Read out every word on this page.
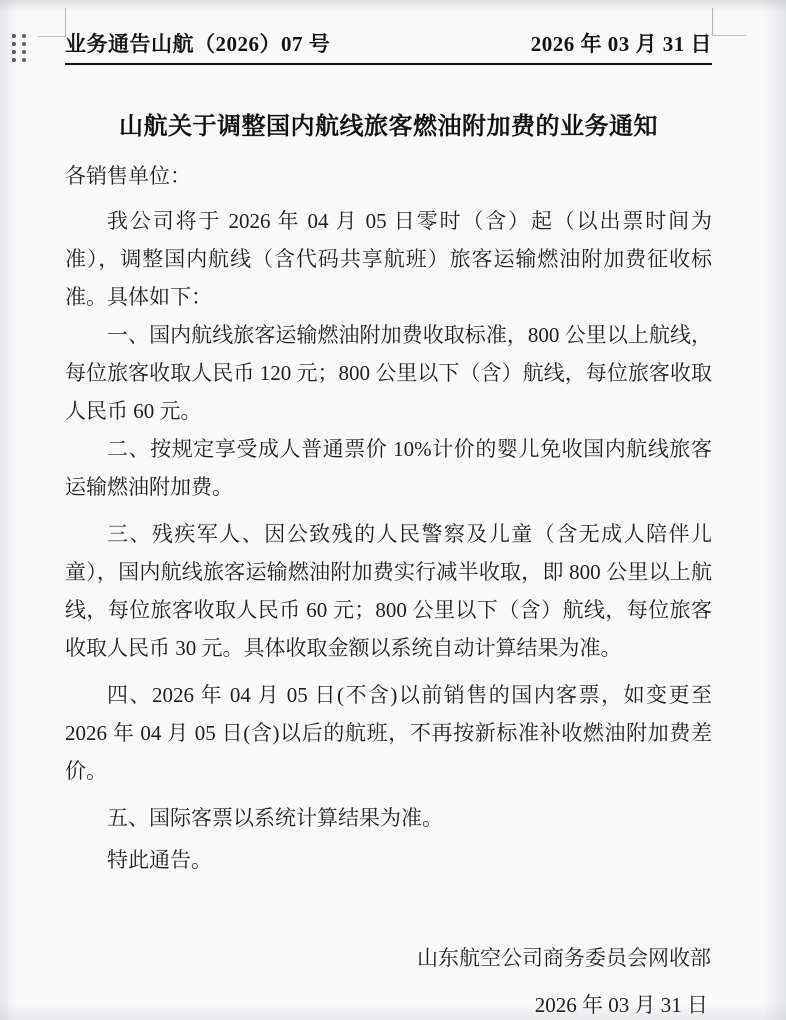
业务通告山航（2026）07 号	2026 年 03 月 31 日
山航关于调整国内航线旅客燃油附加费的业务通知
各销售单位：

我公司将于 2026 年 04 月 05 日零时（含）起（以出票时间为准），调整国内航线（含代码共享航班）旅客运输燃油附加费征收标准。具体如下：

一、国内航线旅客运输燃油附加费收取标准，800 公里以上航线，每位旅客收取人民币 120 元；800 公里以下（含）航线，每位旅客收取人民币 60 元。

二、按规定享受成人普通票价 10%计价的婴儿免收国内航线旅客运输燃油附加费。

三、残疾军人、因公致残的人民警察及儿童（含无成人陪伴儿童），国内航线旅客运输燃油附加费实行减半收取，即 800 公里以上航线，每位旅客收取人民币 60 元；800 公里以下（含）航线，每位旅客收取人民币 30 元。具体收取金额以系统自动计算结果为准。

四、2026 年 04 月 05 日(不含)以前销售的国内客票，如变更至 2026 年 04 月 05 日(含)以后的航班，不再按新标准补收燃油附加费差价。

五、国际客票以系统计算结果为准。

特此通告。

山东航空公司商务委员会网收部
2026 年 03 月 31 日
